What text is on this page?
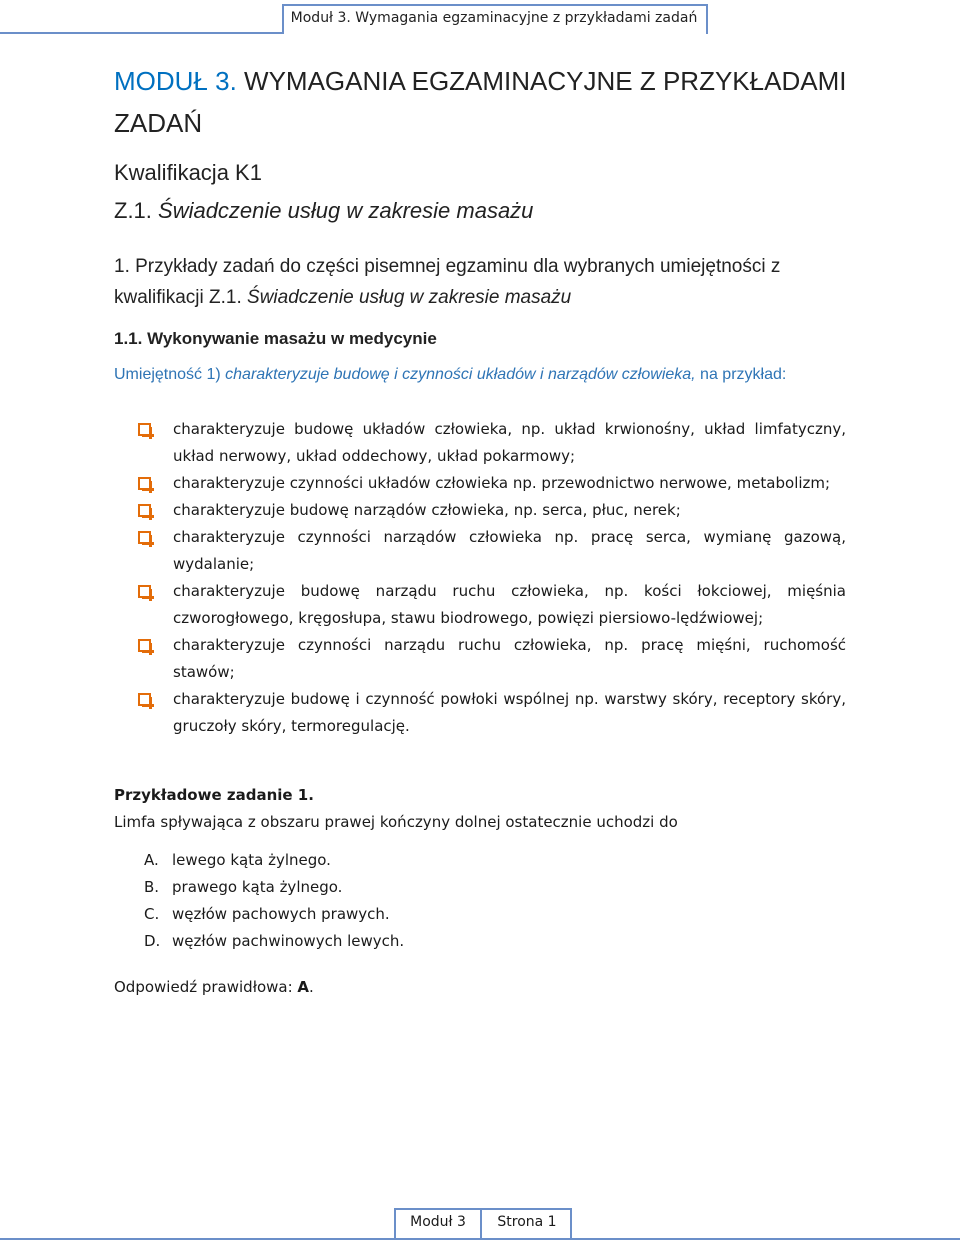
Moduł 3. Wymagania egzaminacyjne z przykładami zadań
MODUŁ 3. WYMAGANIA EGZAMINACYJNE Z PRZYKŁADAMI ZADAŃ
Kwalifikacja K1
Z.1. Świadczenie usług w zakresie masażu
1. Przykłady zadań do części pisemnej egzaminu dla wybranych umiejętności z kwalifikacji Z.1. Świadczenie usług w zakresie masażu
1.1. Wykonywanie masażu w medycynie
Umiejętność 1) charakteryzuje budowę i czynności układów i narządów człowieka, na przykład:
charakteryzuje budowę układów człowieka, np. układ krwionośny, układ limfatyczny, układ nerwowy, układ oddechowy, układ pokarmowy;
charakteryzuje czynności układów człowieka np. przewodnictwo nerwowe, metabolizm;
charakteryzuje budowę narządów człowieka, np. serca, płuc, nerek;
charakteryzuje czynności narządów człowieka np. pracę serca, wymianę gazową, wydalanie;
charakteryzuje budowę narządu ruchu człowieka, np. kości łokciowej, mięśnia czworogłowego, kręgosłupa, stawu biodrowego, powięzi piersiowo-lędźwiowej;
charakteryzuje czynności narządu ruchu człowieka, np. pracę mięśni, ruchomość stawów;
charakteryzuje budowę i czynność powłoki wspólnej np. warstwy skóry, receptory skóry, gruczoły skóry, termoregulację.
Przykładowe zadanie 1.
Limfa spływająca z obszaru prawej kończyny dolnej ostatecznie uchodzi do
A. lewego kąta żylnego.
B. prawego kąta żylnego.
C. węzłów pachowych prawych.
D. węzłów pachwinowych lewych.
Odpowiedź prawidłowa: A.
Moduł 3	Strona 1
